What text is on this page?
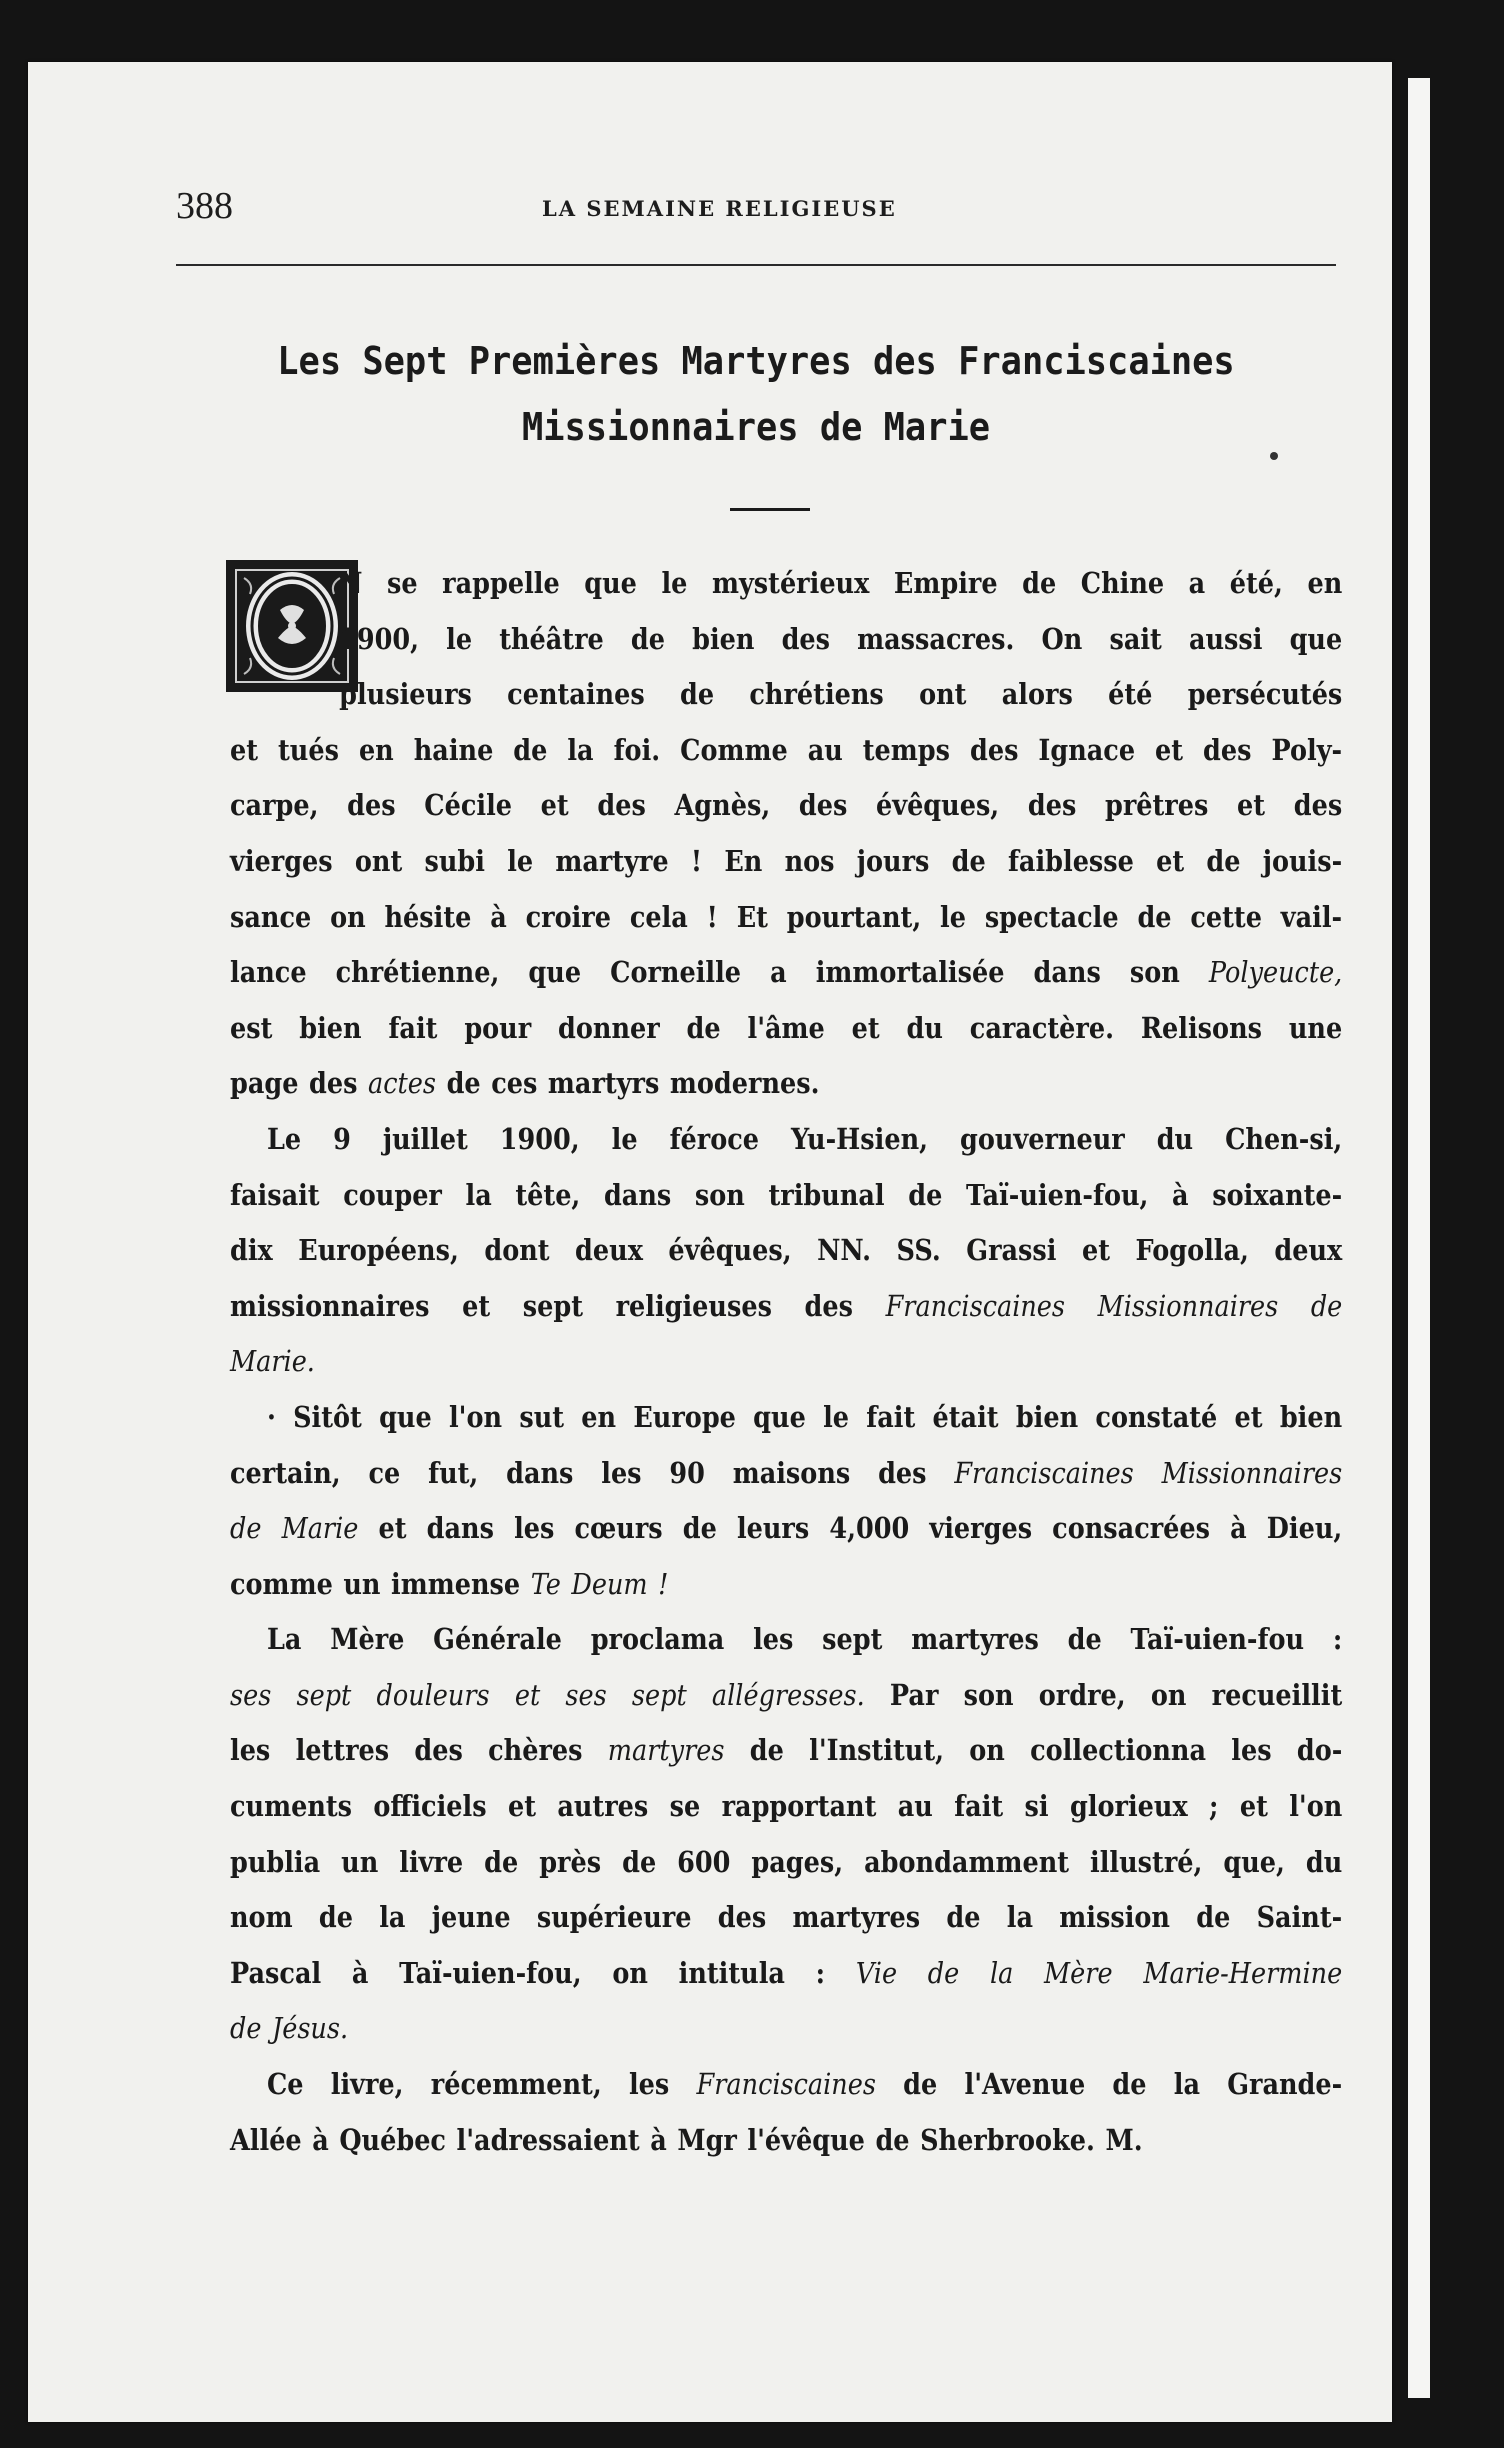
388	LA SEMAINE RELIGIEUSE
Les Sept Premières Martyres des Franciscaines
Missionnaires de Marie
N se rappelle que le mystérieux Empire de Chine a été, en
1900, le théâtre de bien des massacres. On sait aussi que
plusieurs centaines de chrétiens ont alors été persécutés
et tués en haine de la foi. Comme au temps des Ignace et des Poly-
carpe, des Cécile et des Agnès, des évêques, des prêtres et des
vierges ont subi le martyre ! En nos jours de faiblesse et de jouis-
sance on hésite à croire cela ! Et pourtant, le spectacle de cette vail-
lance chrétienne, que Corneille a immortalisée dans son Polyeucte,
est bien fait pour donner de l'âme et du caractère. Relisons une
page des actes de ces martyrs modernes.
Le 9 juillet 1900, le féroce Yu-Hsien, gouverneur du Chen-si,
faisait couper la tête, dans son tribunal de Taï-uien-fou, à soixante-
dix Européens, dont deux évêques, NN. SS. Grassi et Fogolla, deux
missionnaires et sept religieuses des Franciscaines Missionnaires de
Marie.
· Sitôt que l'on sut en Europe que le fait était bien constaté et bien
certain, ce fut, dans les 90 maisons des Franciscaines Missionnaires
de Marie et dans les cœurs de leurs 4,000 vierges consacrées à Dieu,
comme un immense Te Deum !
La Mère Générale proclama les sept martyres de Taï-uien-fou :
ses sept douleurs et ses sept allégresses. Par son ordre, on recueillit
les lettres des chères martyres de l'Institut, on collectionna les do-
cuments officiels et autres se rapportant au fait si glorieux ; et l'on
publia un livre de près de 600 pages, abondamment illustré, que, du
nom de la jeune supérieure des martyres de la mission de Saint-
Pascal à Taï-uien-fou, on intitula : Vie de la Mère Marie-Hermine
de Jésus.
Ce livre, récemment, les Franciscaines de l'Avenue de la Grande-
Allée à Québec l'adressaient à Mgr l'évêque de Sherbrooke. M.
